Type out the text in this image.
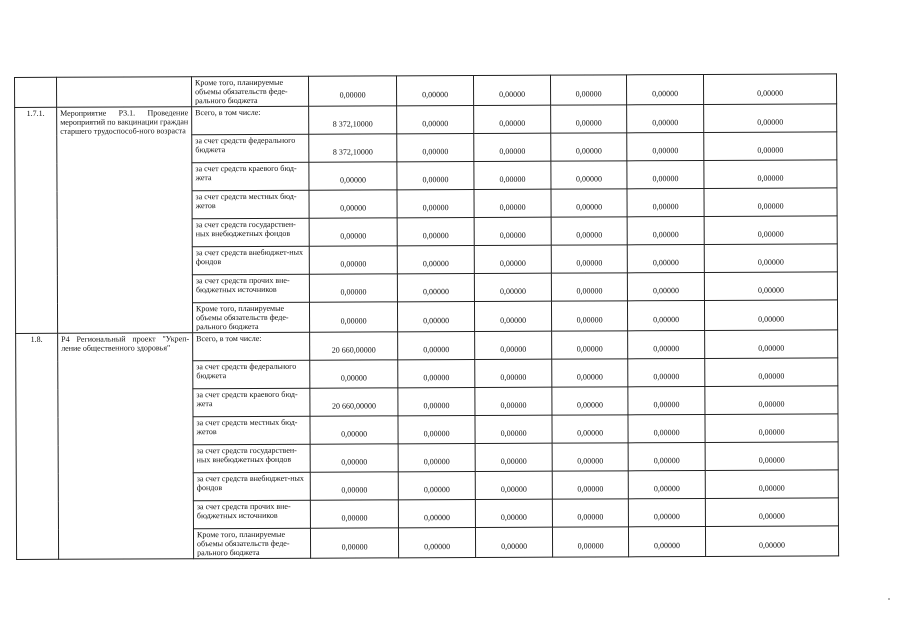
		Кроме того, планируемые объемы обязательств феде-рального бюджета	0,00000	0,00000	0,00000	0,00000	0,00000	0,00000
1.7.1.	Мероприятие Р3.1. Проведение мероприятий по вакцинации граждан старшего трудоспособ-ного возраста	Всего, в том числе:	8 372,10000	0,00000	0,00000	0,00000	0,00000	0,00000
		за счет средств федерального бюджета	8 372,10000	0,00000	0,00000	0,00000	0,00000	0,00000
		за счет средств краевого бюд-жета	0,00000	0,00000	0,00000	0,00000	0,00000	0,00000
		за счет средств местных бюд-жетов	0,00000	0,00000	0,00000	0,00000	0,00000	0,00000
		за счет средств государствен-ных внебюджетных фондов	0,00000	0,00000	0,00000	0,00000	0,00000	0,00000
		за счет средств внебюджет-ных фондов	0,00000	0,00000	0,00000	0,00000	0,00000	0,00000
		за счет средств прочих вне-бюджетных источников	0,00000	0,00000	0,00000	0,00000	0,00000	0,00000
		Кроме того, планируемые объемы обязательств феде-рального бюджета	0,00000	0,00000	0,00000	0,00000	0,00000	0,00000
1.8.	Р4 Региональный проект "Укреп-ление общественного здоровья"	Всего, в том числе:	20 660,00000	0,00000	0,00000	0,00000	0,00000	0,00000
		за счет средств федерального бюджета	0,00000	0,00000	0,00000	0,00000	0,00000	0,00000
		за счет средств краевого бюд-жета	20 660,00000	0,00000	0,00000	0,00000	0,00000	0,00000
		за счет средств местных бюд-жетов	0,00000	0,00000	0,00000	0,00000	0,00000	0,00000
		за счет средств государствен-ных внебюджетных фондов	0,00000	0,00000	0,00000	0,00000	0,00000	0,00000
		за счет средств внебюджет-ных фондов	0,00000	0,00000	0,00000	0,00000	0,00000	0,00000
		за счет средств прочих вне-бюджетных источников	0,00000	0,00000	0,00000	0,00000	0,00000	0,00000
		Кроме того, планируемые объемы обязательств феде-рального бюджета	0,00000	0,00000	0,00000	0,00000	0,00000	0,00000
